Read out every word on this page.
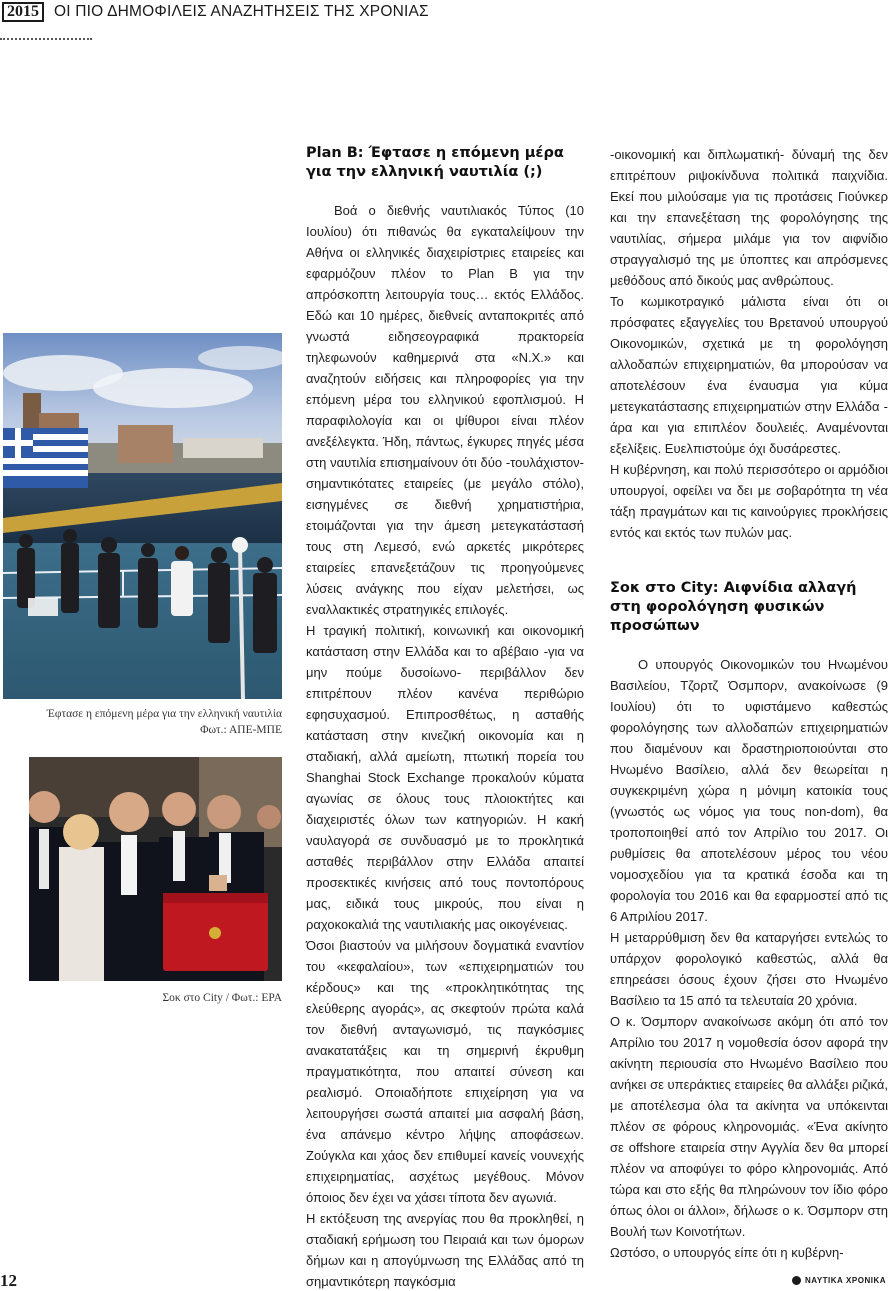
2015 ΟΙ ΠΙΟ ΔΗΜΟΦΙΛΕΙΣ ΑΝΑΖΗΤΗΣΕΙΣ ΤΗΣ ΧΡΟΝΙΑΣ
Έφτασε η επόμενη μέρα για την ελληνική ναυτιλία
Φωτ.: ΑΠΕ-ΜΠΕ
Σοκ στο City / Φωτ.: EPA
Plan B: Έφτασε η επόμενη μέρα για την ελληνική ναυτιλία (;)

Βοά ο διεθνής ναυτιλιακός Τύπος (10 Ιουλίου) ότι πιθανώς θα εγκαταλείψουν την Αθήνα οι ελληνικές διαχειρίστριες εταιρείες και εφαρμόζουν πλέον το Plan B για την απρόσκοπτη λειτουργία τους… εκτός Ελλάδος. Εδώ και 10 ημέρες, διεθνείς ανταποκριτές από γνωστά ειδησεογραφικά πρακτορεία τηλεφωνούν καθημερινά στα «Ν.Χ.» και αναζητούν ειδήσεις και πληροφορίες για την επόμενη μέρα του ελληνικού εφοπλισμού. Η παραφιλολογία και οι ψίθυροι είναι πλέον ανεξέλεγκτα. Ήδη, πάντως, έγκυρες πηγές μέσα στη ναυτιλία επισημαίνουν ότι δύο -τουλάχιστον- σημαντικότατες εταιρείες (με μεγάλο στόλο), εισηγμένες σε διεθνή χρηματιστήρια, ετοιμάζονται για την άμεση μετεγκατάστασή τους στη Λεμεσό, ενώ αρκετές μικρότερες εταιρείες επανεξετάζουν τις προηγούμενες λύσεις ανάγκης που είχαν μελετήσει, ως εναλλακτικές στρατηγικές επιλογές.

Η τραγική πολιτική, κοινωνική και οικονομική κατάσταση στην Ελλάδα και το αβέβαιο -για να μην πούμε δυσοίωνο- περιβάλλον δεν επιτρέπουν πλέον κανένα περιθώριο εφησυχασμού. Επιπροσθέτως, η ασταθής κατάσταση στην κινεζική οικονομία και η σταδιακή, αλλά αμείωτη, πτωτική πορεία του Shanghai Stock Exchange προκαλούν κύματα αγωνίας σε όλους τους πλοιοκτήτες και διαχειριστές όλων των κατηγοριών. Η κακή ναυλαγορά σε συνδυασμό με το προκλητικά ασταθές περιβάλλον στην Ελλάδα απαιτεί προσεκτικές κινήσεις από τους ποντοπόρους μας, ειδικά τους μικρούς, που είναι η ραχοκοκαλιά της ναυτιλιακής μας οικογένειας.

Όσοι βιαστούν να μιλήσουν δογματικά εναντίον του «κεφαλαίου», των «επιχειρηματιών του κέρδους» και της «προκλητικότητας της ελεύθερης αγοράς», ας σκεφτούν πρώτα καλά τον διεθνή ανταγωνισμό, τις παγκόσμιες ανακατατάξεις και τη σημερινή έκρυθμη πραγματικότητα, που απαιτεί σύνεση και ρεαλισμό. Οποιαδήποτε επιχείρηση για να λειτουργήσει σωστά απαιτεί μια ασφαλή βάση, ένα απάνεμο κέντρο λήψης αποφάσεων. Ζούγκλα και χάος δεν επιθυμεί κανείς νουνεχής επιχειρηματίας, ασχέτως μεγέθους. Μόνον όποιος δεν έχει να χάσει τίποτα δεν αγωνιά.

Η εκτόξευση της ανεργίας που θα προκληθεί, η σταδιακή ερήμωση του Πειραιά και των όμορων δήμων και η απογύμνωση της Ελλάδας από τη σημαντικότερη παγκόσμια

-οικονομική και διπλωματική- δύναμή της δεν επιτρέπουν ριψοκίνδυνα πολιτικά παιχνίδια. Εκεί που μιλούσαμε για τις προτάσεις Γιούνκερ και την επανεξέταση της φορολόγησης της ναυτιλίας, σήμερα μιλάμε για τον αιφνίδιο στραγγαλισμό της με ύποπτες και απρόσμενες μεθόδους από δικούς μας ανθρώπους.

Το κωμικοτραγικό μάλιστα είναι ότι οι πρόσφατες εξαγγελίες του Βρετανού υπουργού Οικονομικών, σχετικά με τη φορολόγηση αλλοδαπών επιχειρηματιών, θα μπορούσαν να αποτελέσουν ένα έναυσμα για κύμα μετεγκατάστασης επιχειρηματιών στην Ελλάδα - άρα και για επιπλέον δουλειές. Αναμένονται εξελίξεις. Ευελπιστούμε όχι δυσάρεστες.

Η κυβέρνηση, και πολύ περισσότερο οι αρμόδιοι υπουργοί, οφείλει να δει με σοβαρότητα τη νέα τάξη πραγμάτων και τις καινούργιες προκλήσεις εντός και εκτός των πυλών μας.

Σοκ στο City: Αιφνίδια αλλαγή στη φορολόγηση φυσικών προσώπων

Ο υπουργός Οικονομικών του Ηνωμένου Βασιλείου, Τζορτζ Όσμπορν, ανακοίνωσε (9 Ιουλίου) ότι το υφιστάμενο καθεστώς φορολόγησης των αλλοδαπών επιχειρηματιών που διαμένουν και δραστηριοποιούνται στο Ηνωμένο Βασίλειο, αλλά δεν θεωρείται η συγκεκριμένη χώρα η μόνιμη κατοικία τους (γνωστός ως νόμος για τους non-dom), θα τροποποιηθεί από τον Απρίλιο του 2017. Οι ρυθμίσεις θα αποτελέσουν μέρος του νέου νομοσχεδίου για τα κρατικά έσοδα και τη φορολογία του 2016 και θα εφαρμοστεί από τις 6 Απριλίου 2017.

Η μεταρρύθμιση δεν θα καταργήσει εντελώς το υπάρχον φορολογικό καθεστώς, αλλά θα επηρεάσει όσους έχουν ζήσει στο Ηνωμένο Βασίλειο τα 15 από τα τελευταία 20 χρόνια.

Ο κ. Όσμπορν ανακοίνωσε ακόμη ότι από τον Απρίλιο του 2017 η νομοθεσία όσον αφορά την ακίνητη περιουσία στο Ηνωμένο Βασίλειο που ανήκει σε υπεράκτιες εταιρείες θα αλλάξει ριζικά, με αποτέλεσμα όλα τα ακίνητα να υπόκεινται πλέον σε φόρους κληρονομιάς. «Ένα ακίνητο σε offshore εταιρεία στην Αγγλία δεν θα μπορεί πλέον να αποφύγει το φόρο κληρονομιάς. Από τώρα και στο εξής θα πληρώνουν τον ίδιο φόρο όπως όλοι οι άλλοι», δήλωσε ο κ. Όσμπορν στη Βουλή των Κοινοτήτων.

Ωστόσο, ο υπουργός είπε ότι η κυβέρνη-

12	ΝΑΥΤΙΚΑ ΧΡΟΝΙΚΑ
